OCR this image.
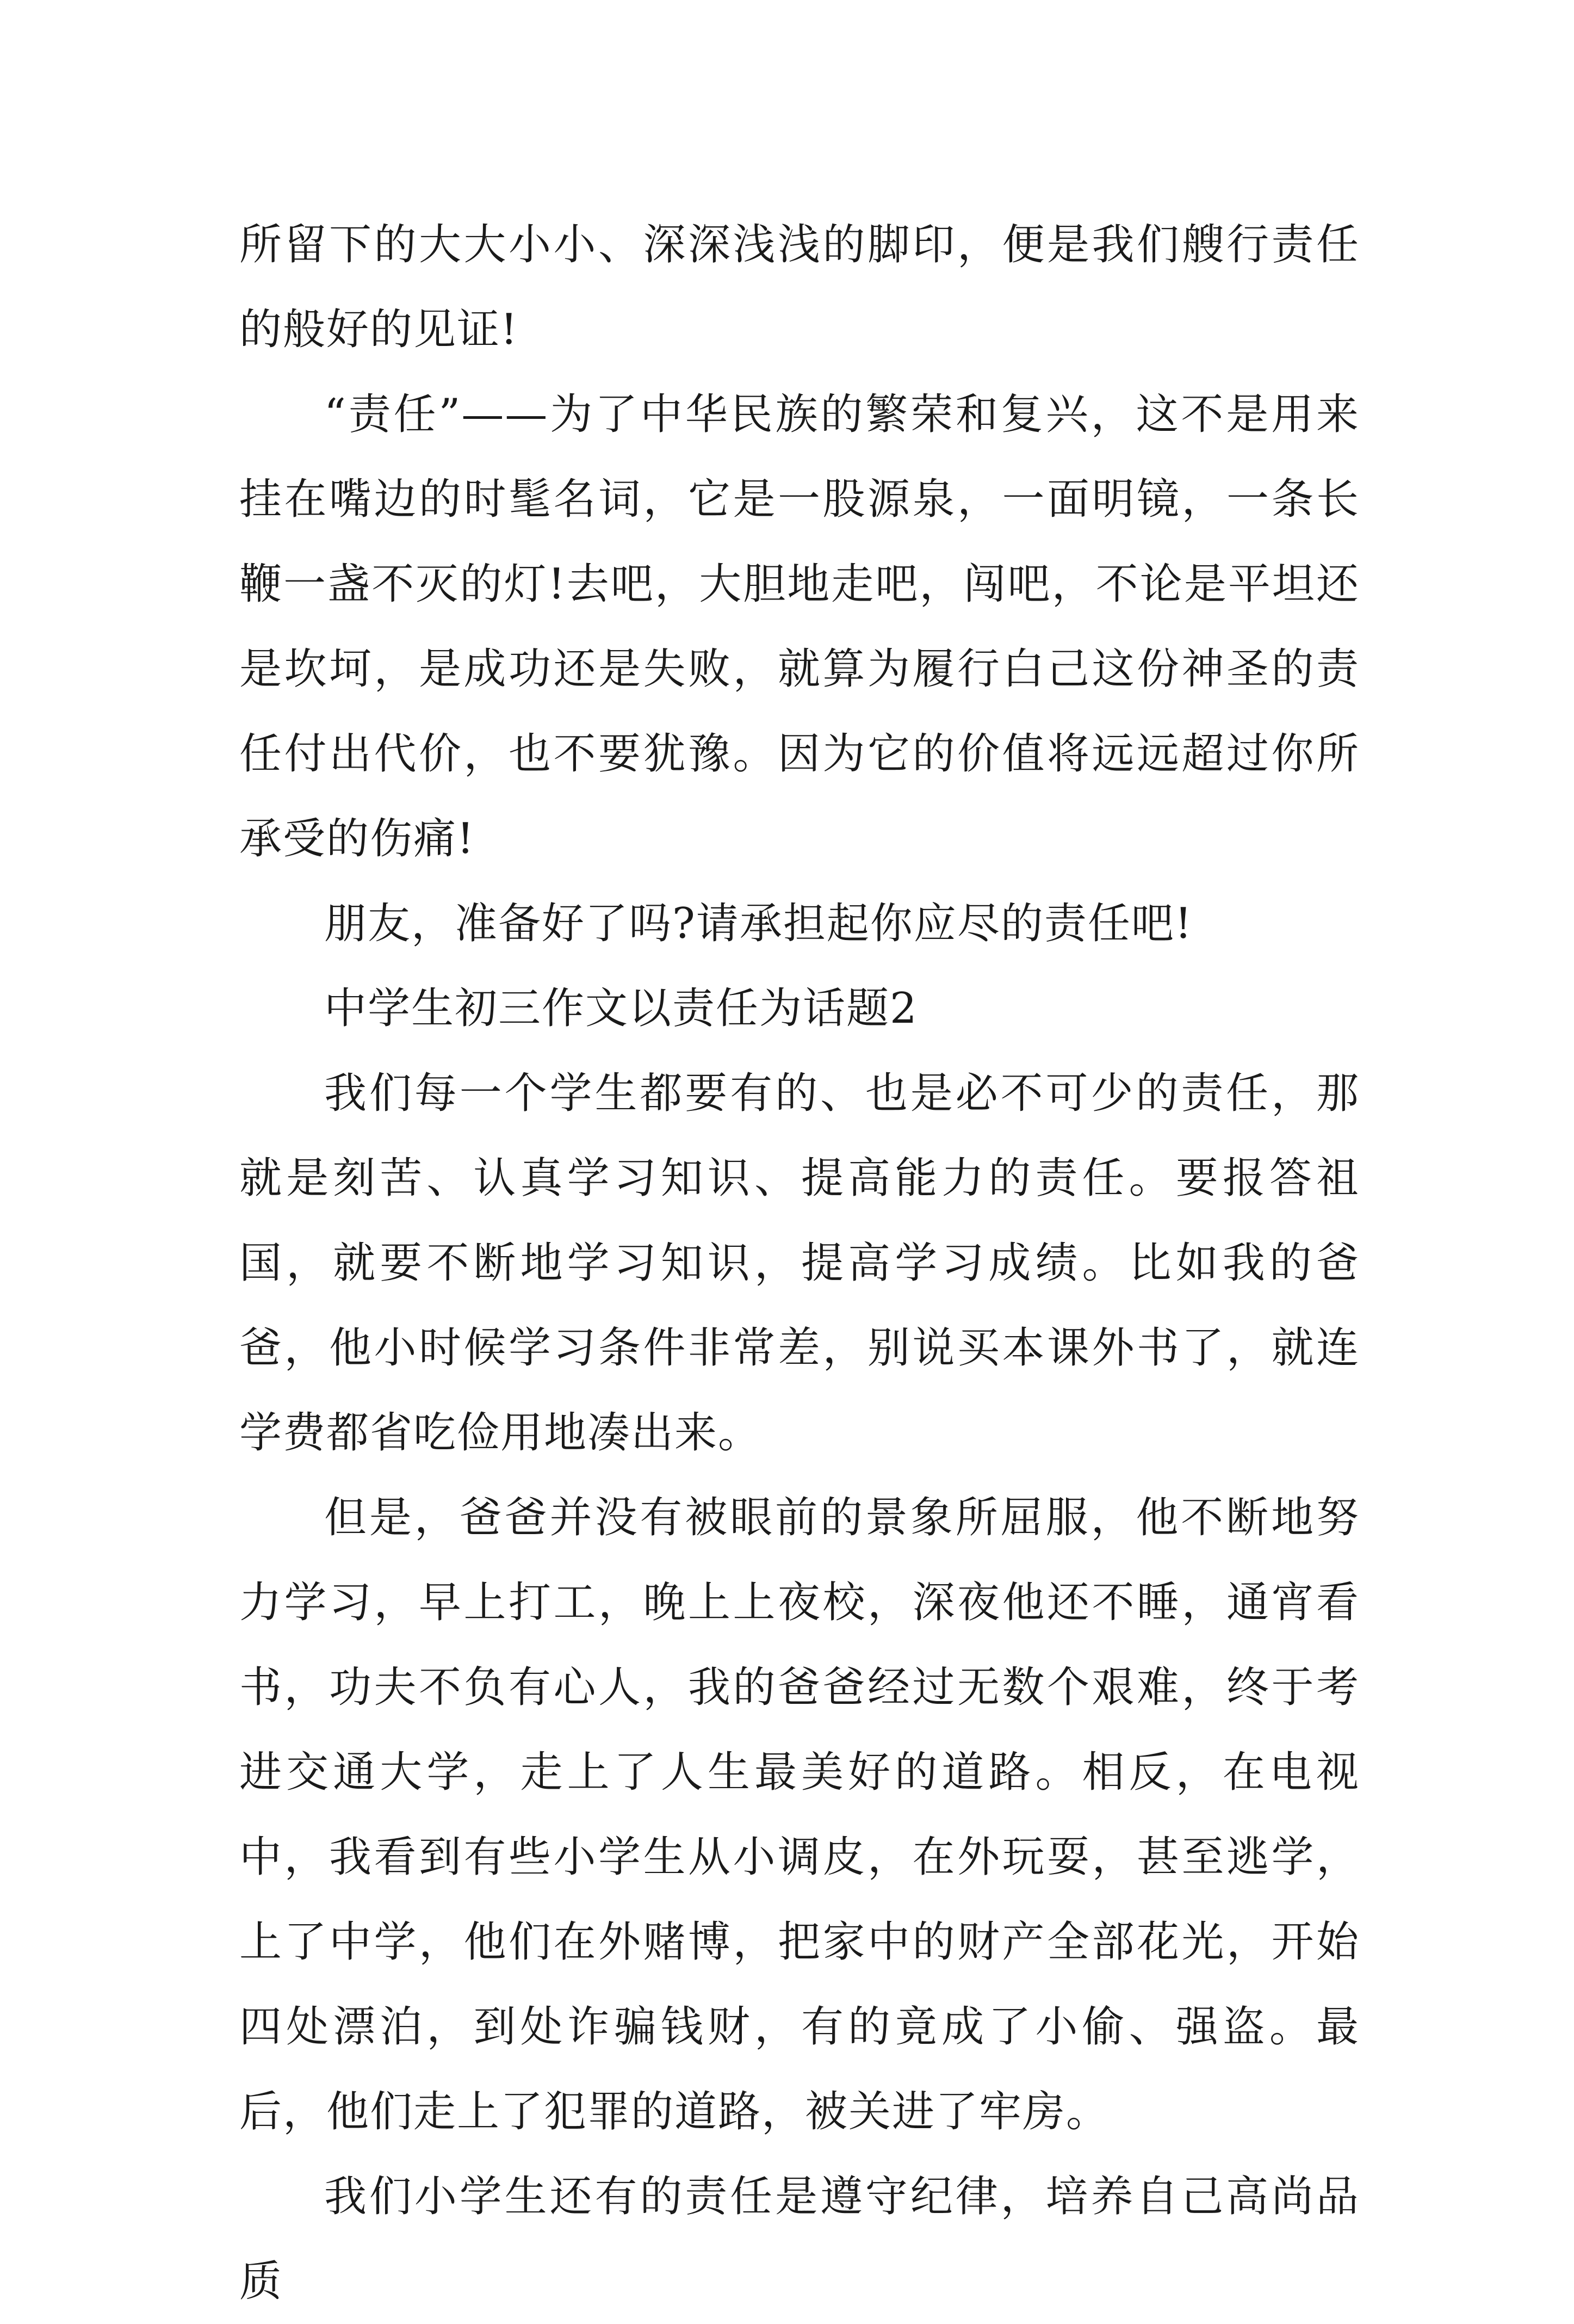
所留下的大大小小、深深浅浅的脚印，便是我们艘行责任的般好的见证!

“责任”——为了中华民族的繁荣和复兴，这不是用来挂在嘴边的时髦名词，它是一股源泉，一面明镜，一条长鞭一盏不灭的灯!去吧，大胆地走吧，闯吧，不论是平坦还是坎坷，是成功还是失败，就算为履行白己这份神圣的责任付出代价，也不要犹豫。因为它的价值将远远超过你所承受的伤痛!

朋友，准备好了吗?请承担起你应尽的责任吧!

中学生初三作文以责任为话题2

我们每一个学生都要有的、也是必不可少的责任，那就是刻苦、认真学习知识、提高能力的责任。要报答祖国，就要不断地学习知识，提高学习成绩。比如我的爸爸，他小时候学习条件非常差，别说买本课外书了，就连学费都省吃俭用地凑出来。

但是，爸爸并没有被眼前的景象所屈服，他不断地努力学习，早上打工，晚上上夜校，深夜他还不睡，通宵看书，功夫不负有心人，我的爸爸经过无数个艰难，终于考进交通大学，走上了人生最美好的道路。相反，在电视中，我看到有些小学生从小调皮，在外玩耍，甚至逃学，上了中学，他们在外赌博，把家中的财产全部花光，开始四处漂泊，到处诈骗钱财，有的竟成了小偷、强盗。最后，他们走上了犯罪的道路，被关进了牢房。

我们小学生还有的责任是遵守纪律，培养自己高尚品质
